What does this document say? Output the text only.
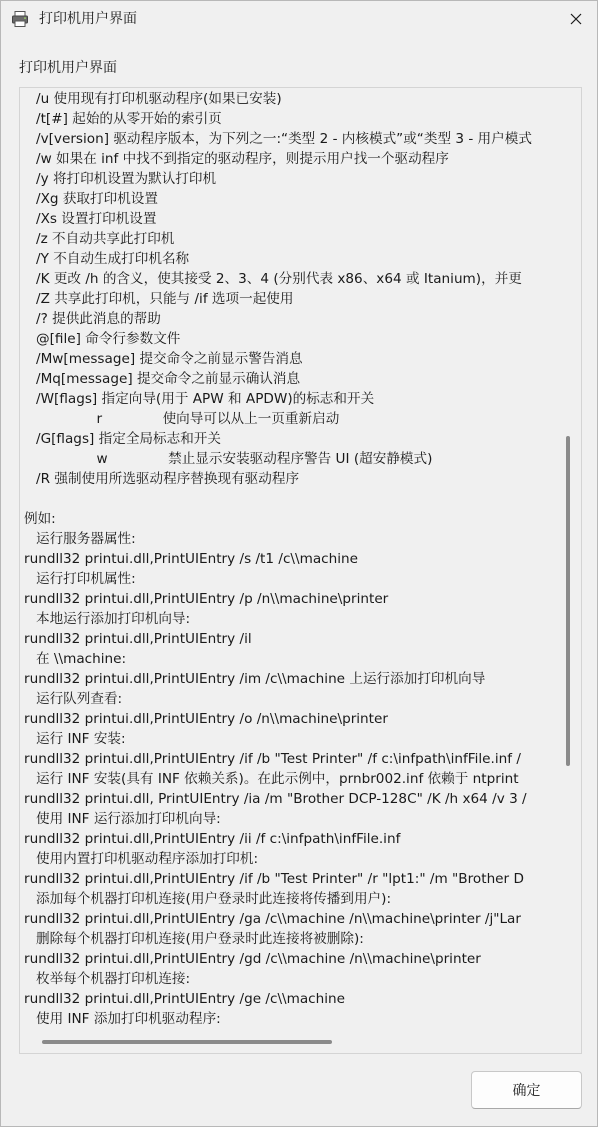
打印机用户界面
打印机用户界面
/u 使用现有打印机驱动程序(如果已安装)
/t[#] 起始的从零开始的索引页
/v[version] 驱动程序版本，为下列之一:“类型 2 - 内核模式”或“类型 3 - 用户模式
/w 如果在 inf 中找不到指定的驱动程序，则提示用户找一个驱动程序
/y 将打印机设置为默认打印机
/Xg 获取打印机设置
/Xs 设置打印机设置
/z 不自动共享此打印机
/Y 不自动生成打印机名称
/K 更改 /h 的含义，使其接受 2、3、4 (分别代表 x86、x64 或 Itanium)，并更
/Z 共享此打印机，只能与 /if 选项一起使用
/? 提供此消息的帮助
@[file] 命令行参数文件
/Mw[message] 提交命令之前显示警告消息
/Mq[message] 提交命令之前显示确认消息
/W[flags] 指定向导(用于 APW 和 APDW)的标志和开关
r              使向导可以从上一页重新启动
/G[flags] 指定全局标志和开关
w              禁止显示安装驱动程序警告 UI (超安静模式)
/R 强制使用所选驱动程序替换现有驱动程序
例如:
运行服务器属性:
rundll32 printui.dll,PrintUIEntry /s /t1 /c\\machine
运行打印机属性:
rundll32 printui.dll,PrintUIEntry /p /n\\machine\printer
本地运行添加打印机向导:
rundll32 printui.dll,PrintUIEntry /il
在 \\machine:
rundll32 printui.dll,PrintUIEntry /im /c\\machine 上运行添加打印机向导
运行队列查看:
rundll32 printui.dll,PrintUIEntry /o /n\\machine\printer
运行 INF 安装:
rundll32 printui.dll,PrintUIEntry /if /b "Test Printer" /f c:\infpath\infFile.inf /
运行 INF 安装(具有 INF 依赖关系)。在此示例中，prnbr002.inf 依赖于 ntprint
rundll32 printui.dll, PrintUIEntry /ia /m "Brother DCP-128C" /K /h x64 /v 3 /
使用 INF 运行添加打印机向导:
rundll32 printui.dll,PrintUIEntry /ii /f c:\infpath\infFile.inf
使用内置打印机驱动程序添加打印机:
rundll32 printui.dll,PrintUIEntry /if /b "Test Printer" /r "lpt1:" /m "Brother D
添加每个机器打印机连接(用户登录时此连接将传播到用户):
rundll32 printui.dll,PrintUIEntry /ga /c\\machine /n\\machine\printer /j"Lar
删除每个机器打印机连接(用户登录时此连接将被删除):
rundll32 printui.dll,PrintUIEntry /gd /c\\machine /n\\machine\printer
枚举每个机器打印机连接:
rundll32 printui.dll,PrintUIEntry /ge /c\\machine
使用 INF 添加打印机驱动程序:
确定
